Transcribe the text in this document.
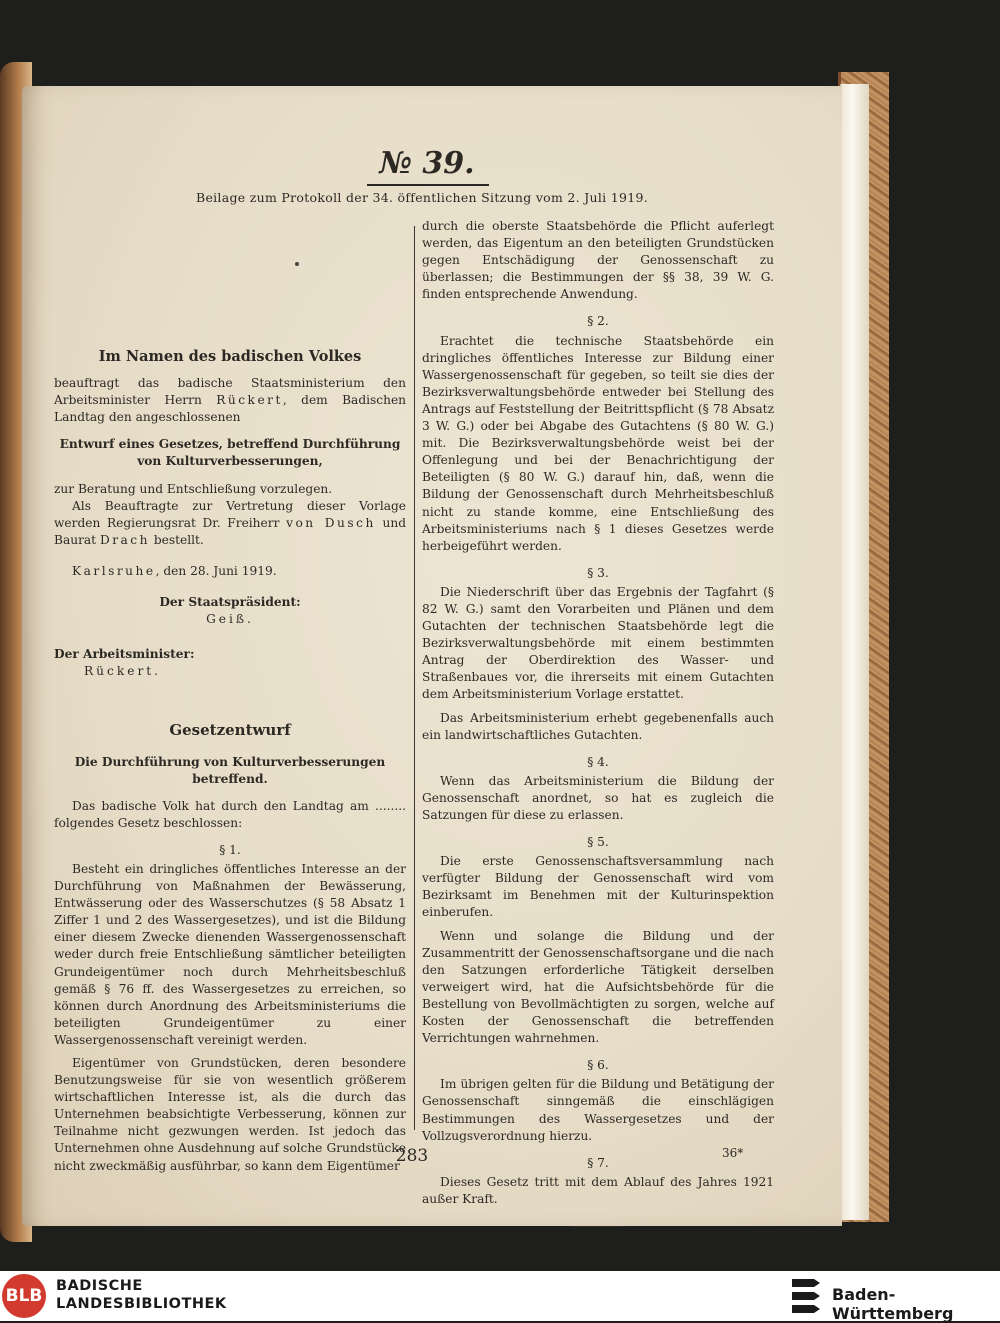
№ 39.
Beilage zum Protokoll der 34. öffentlichen Sitzung vom 2. Juli 1919.

Im Namen des badischen Volkes

beauftragt das badische Staatsministerium den Arbeitsminister Herrn Rückert, dem Badischen Landtag den angeschlossenen

Entwurf eines Gesetzes, betreffend Durchführung von Kulturverbesserungen,

zur Beratung und Entschließung vorzulegen.

Als Beauftragte zur Vertretung dieser Vorlage werden Regierungsrat Dr. Freiherr von Dusch und Baurat Drach bestellt.

Karlsruhe, den 28. Juni 1919.

Der Staatspräsident:
Geiß.
Der Arbeitsminister:
Rückert.

Gesetzentwurf

Die Durchführung von Kulturverbesserungen betreffend.

Das badische Volk hat durch den Landtag am ........ folgendes Gesetz beschlossen:

§ 1.

Besteht ein dringliches öffentliches Interesse an der Durchführung von Maßnahmen der Bewässerung, Entwässerung oder des Wasserschutzes (§ 58 Absatz 1 Ziffer 1 und 2 des Wassergesetzes), und ist die Bildung einer diesem Zwecke dienenden Wassergenossenschaft weder durch freie Entschließung sämtlicher beteiligten Grundeigentümer noch durch Mehrheitsbeschluß gemäß § 76 ff. des Wassergesetzes zu erreichen, so können durch Anordnung des Arbeitsministeriums die beteiligten Grundeigentümer zu einer Wassergenossenschaft vereinigt werden.

Eigentümer von Grundstücken, deren besondere Benutzungsweise für sie von wesentlich größerem wirtschaftlichen Interesse ist, als die durch das Unternehmen beabsichtigte Verbesserung, können zur Teilnahme nicht gezwungen werden. Ist jedoch das Unternehmen ohne Ausdehnung auf solche Grundstücke nicht zweckmäßig ausführbar, so kann dem Eigentümer

durch die oberste Staatsbehörde die Pflicht auferlegt werden, das Eigentum an den beteiligten Grundstücken gegen Entschädigung der Genossenschaft zu überlassen; die Bestimmungen der §§ 38, 39 W. G. finden entsprechende Anwendung.

§ 2.

Erachtet die technische Staatsbehörde ein dringliches öffentliches Interesse zur Bildung einer Wassergenossenschaft für gegeben, so teilt sie dies der Bezirksverwaltungsbehörde entweder bei Stellung des Antrags auf Feststellung der Beitrittspflicht (§ 78 Absatz 3 W. G.) oder bei Abgabe des Gutachtens (§ 80 W. G.) mit. Die Bezirksverwaltungsbehörde weist bei der Offenlegung und bei der Benachrichtigung der Beteiligten (§ 80 W. G.) darauf hin, daß, wenn die Bildung der Genossenschaft durch Mehrheitsbeschluß nicht zu stande komme, eine Entschließung des Arbeitsministeriums nach § 1 dieses Gesetzes werde herbeigeführt werden.

§ 3.

Die Niederschrift über das Ergebnis der Tagfahrt (§ 82 W. G.) samt den Vorarbeiten und Plänen und dem Gutachten der technischen Staatsbehörde legt die Bezirksverwaltungsbehörde mit einem bestimmten Antrag der Oberdirektion des Wasser- und Straßenbaues vor, die ihrerseits mit einem Gutachten dem Arbeitsministerium Vorlage erstattet.

Das Arbeitsministerium erhebt gegebenenfalls auch ein landwirtschaftliches Gutachten.

§ 4.

Wenn das Arbeitsministerium die Bildung der Genossenschaft anordnet, so hat es zugleich die Satzungen für diese zu erlassen.

§ 5.

Die erste Genossenschaftsversammlung nach verfügter Bildung der Genossenschaft wird vom Bezirksamt im Benehmen mit der Kulturinspektion einberufen.

Wenn und solange die Bildung und der Zusammentritt der Genossenschaftsorgane und die nach den Satzungen erforderliche Tätigkeit derselben verweigert wird, hat die Aufsichtsbehörde für die Bestellung von Bevollmächtigten zu sorgen, welche auf Kosten der Genossenschaft die betreffenden Verrichtungen wahrnehmen.

§ 6.

Im übrigen gelten für die Bildung und Betätigung der Genossenschaft sinngemäß die einschlägigen Bestimmungen des Wassergesetzes und der Vollzugsverordnung hierzu.

§ 7.

Dieses Gesetz tritt mit dem Ablauf des Jahres 1921 außer Kraft.

283	36*
BLB BADISCHE
LANDESBIBLIOTHEK	Baden-Württemberg
